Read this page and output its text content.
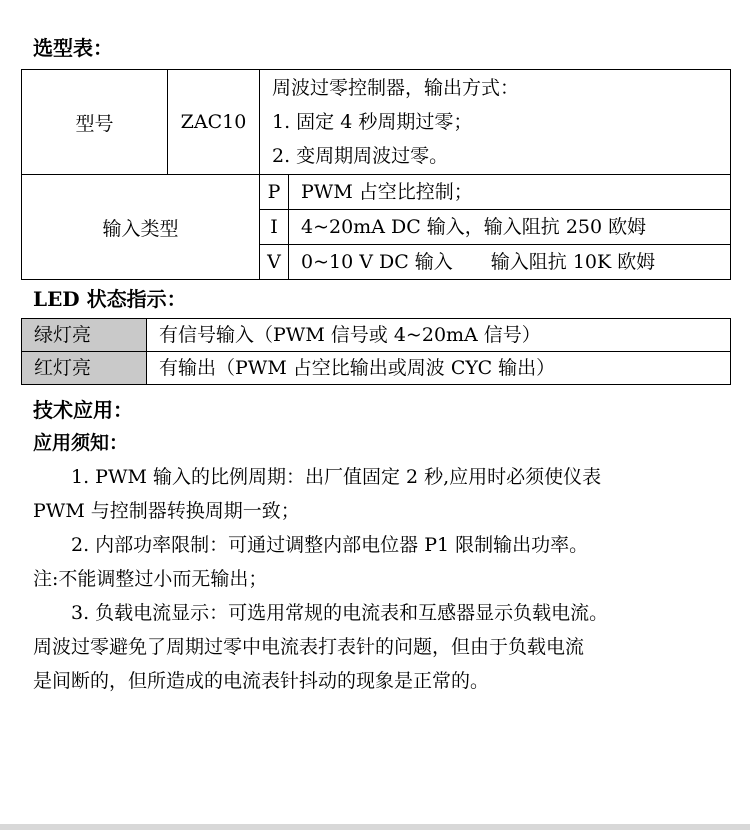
选型表：
型号	ZAC10	周波过零控制器，输出方式：
1. 固定 4 秒周期过零；
2. 变周期周波过零。	

输入类型		P	PWM 占空比控制；
		I	4~20mA DC 输入，输入阻抗 250 欧姆
		V	0~10 V DC 输入　　输入阻抗 10K 欧姆
LED 状态指示：
绿灯亮	有信号输入（PWM 信号或 4~20mA 信号）
红灯亮	有输出（PWM 占空比输出或周波 CYC 输出）
技术应用：

应用须知：

　　1. PWM 输入的比例周期：出厂值固定 2 秒,应用时必须使仪表
PWM 与控制器转换周期一致；
　　2. 内部功率限制：可通过调整内部电位器 P1 限制输出功率。
注:不能调整过小而无输出；
　　3. 负载电流显示：可选用常规的电流表和互感器显示负载电流。
周波过零避免了周期过零中电流表打表针的问题，但由于负载电流
是间断的，但所造成的电流表针抖动的现象是正常的。
